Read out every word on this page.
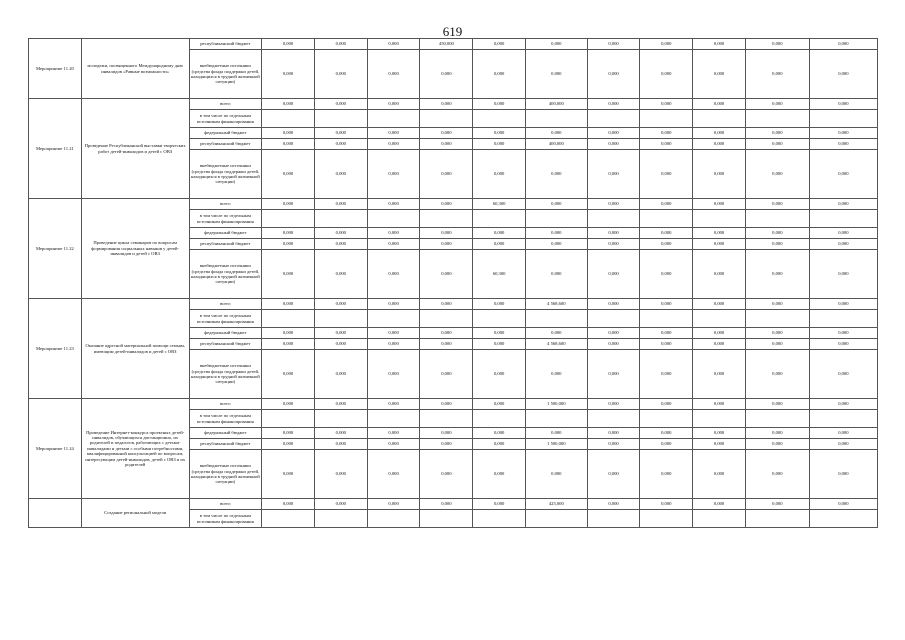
619
Мероприятие 11.20	молодежи, посвященного Международному дню инвалидов «Равные возможности»	республиканский бюджет	0,000	0,000	0,000	450,000	0,000	0,000	0,000	0,000	0,000	0,000	0,000
		внебюджетные источники (средства фонда поддержки детей, находящихся в трудной жизненной ситуации)	0,000	0,000	0,000	0,000	0,000	0,000	0,000	0,000	0,000	0,000	0,000
Мероприятие 11.21	Проведение Республиканской выставки творческих работ детей-инвалидов и детей с ОВЗ	всего	0,000	0,000	0,000	0,000	0,000	400,000	0,000	0,000	0,000	0,000	0,000
		в том числе по отдельным источникам финансирования											
		федеральный бюджет	0,000	0,000	0,000	0,000	0,000	0,000	0,000	0,000	0,000	0,000	0,000
		республиканский бюджет	0,000	0,000	0,000	0,000	0,000	400,000	0,000	0,000	0,000	0,000	0,000
		внебюджетные источники (средства фонда поддержки детей, находящихся в трудной жизненной ситуации)	0,000	0,000	0,000	0,000	0,000	0,000	0,000	0,000	0,000	0,000	0,000
Мероприятие 11.22	Проведение цикла семинаров по вопросам формирования социальных навыков у детей-инвалидов и детей с ОВЗ	всего	0,000	0,000	0,000	0,000	60,300	0,000	0,000	0,000	0,000	0,000	0,000
		в том числе по отдельным источникам финансирования											
		федеральный бюджет	0,000	0,000	0,000	0,000	0,000	0,000	0,000	0,000	0,000	0,000	0,000
		республиканский бюджет	0,000	0,000	0,000	0,000	0,000	0,000	0,000	0,000	0,000	0,000	0,000
		внебюджетные источники (средства фонда поддержки детей, находящихся в трудной жизненной ситуации)	0,000	0,000	0,000	0,000	60,300	0,000	0,000	0,000	0,000	0,000	0,000
Мероприятие 11.23	Оказание адресной материальной помощи семьям, имеющим детей-инвалидов и детей с ОВЗ	всего	0,000	0,000	0,000	0,000	0,000	4 568,600	0,000	0,000	0,000	0,000	0,000
		в том числе по отдельным источникам финансирования											
		федеральный бюджет	0,000	0,000	0,000	0,000	0,000	0,000	0,000	0,000	0,000	0,000	0,000
		республиканский бюджет	0,000	0,000	0,000	0,000	0,000	4 568,600	0,000	0,000	0,000	0,000	0,000
		внебюджетные источники (средства фонда поддержки детей, находящихся в трудной жизненной ситуации)	0,000	0,000	0,000	0,000	0,000	0,000	0,000	0,000	0,000	0,000	0,000
Мероприятие 11.24	Проведение Интернет-конкурса проектных детей-инвалидов, обучающихся дистанционно, их родителей и педагогов, работающих с детьми-инвалидами и детьми с особыми потребностями, квалифицированной консультацией по вопросам, интересующим детей-инвалидов, детей с ОВЗ и их родителей	всего	0,000	0,000	0,000	0,000	0,000	1 500,000	0,000	0,000	0,000	0,000	0,000
		в том числе по отдельным источникам финансирования											
		федеральный бюджет	0,000	0,000	0,000	0,000	0,000	0,000	0,000	0,000	0,000	0,000	0,000
		республиканский бюджет	0,000	0,000	0,000	0,000	0,000	1 500,000	0,000	0,000	0,000	0,000	0,000
		внебюджетные источники (средства фонда поддержки детей, находящихся в трудной жизненной ситуации)	0,000	0,000	0,000	0,000	0,000	0,000	0,000	0,000	0,000	0,000	0,000
	Создание региональной модели	всего	0,000	0,000	0,000	0,000	0,000	425,000	0,000	0,000	0,000	0,000	0,000
		в том числе по отдельным источникам финансирования											
